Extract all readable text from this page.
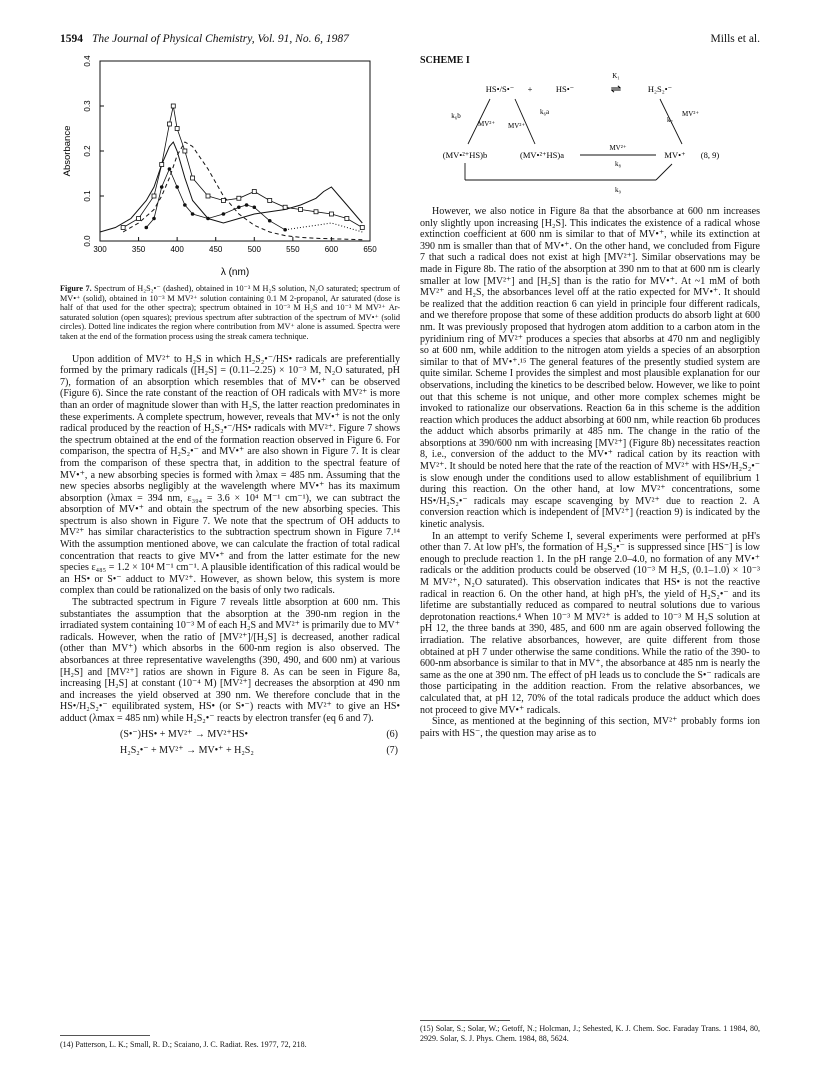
1594 The Journal of Physical Chemistry, Vol. 91, No. 6, 1987	Mills et al.
300	350	400	450	500	550	600	650
0.0
0.1
0.2
0.3
0.4
λ (nm)
Absorbance
Figure 7. Spectrum of H₂S₂•⁻ (dashed), obtained in 10⁻³ M H₂S solution, N₂O saturated; spectrum of MV•⁺ (solid), obtained in 10⁻³ M MV²⁺ solution containing 0.1 M 2-propanol, Ar saturated (dose is half of that used for the other spectra); spectrum obtained in 10⁻³ M H₂S and 10⁻³ M MV²⁺ Ar-saturated solution (open squares); previous spectrum after subtraction of the spectrum of MV•⁺ (solid circles). Dotted line indicates the region where contribution from MV⁺ alone is assumed. Spectra were taken at the end of the formation process using the streak camera technique.

Upon addition of MV²⁺ to H₂S in which H₂S₂•⁻/HS• radicals are preferentially formed by the primary radicals ([H₂S] = (0.11–2.25) × 10⁻³ M, N₂O saturated, pH 7), formation of an absorption which resembles that of MV•⁺ can be observed (Figure 6). Since the rate constant of the reaction of OH radicals with MV²⁺ is more than an order of magnitude slower than with H₂S, the latter reaction predominates in these experiments. A complete spectrum, however, reveals that MV•⁺ is not the only radical produced by the reaction of H₂S₂•⁻/HS• radicals with MV²⁺. Figure 7 shows the spectrum obtained at the end of the formation reaction observed in Figure 6. For comparison, the spectra of H₂S₂•⁻ and MV•⁺ are also shown in Figure 7. It is clear from the comparison of these spectra that, in addition to the spectral feature of MV•⁺, a new absorbing species is formed with λmax = 485 nm. Assuming that the new species absorbs negligibly at the wavelength where MV•⁺ has its maximum absorption (λmax = 394 nm, ε₃₉₄ = 3.6 × 10⁴ M⁻¹ cm⁻¹), we can subtract the absorption of MV•⁺ and obtain the spectrum of the new absorbing species. This spectrum is also shown in Figure 7. We note that the spectrum of OH adducts to MV²⁺ has similar characteristics to the subtraction spectrum shown in Figure 7.¹⁴ With the assumption mentioned above, we can calculate the fraction of total radical concentration that reacts to give MV•⁺ and from the latter estimate for the new species ε₄₈₅ = 1.2 × 10⁴ M⁻¹ cm⁻¹. A plausible identification of this radical would be an HS• or S•⁻ adduct to MV²⁺. However, as shown below, this system is more complex than could be rationalized on the basis of only two radicals.

The subtracted spectrum in Figure 7 reveals little absorption at 600 nm. This substantiates the assumption that the absorption at the 390-nm region in the irradiated system containing 10⁻³ M of each H₂S and MV²⁺ is primarily due to MV⁺ radicals. However, when the ratio of [MV²⁺]/[H₂S] is decreased, another radical (other than MV⁺) which absorbs in the 600-nm region is also observed. The absorbances at three representative wavelengths (390, 490, and 600 nm) at various [H₂S] and [MV²⁺] ratios are shown in Figure 8. As can be seen in Figure 8a, increasing [H₂S] at constant (10⁻⁴ M) [MV²⁺] decreases the absorption at 490 nm and increases the yield observed at 390 nm. We therefore conclude that in the HS•/H₂S₂•⁻ equilibrated system, HS• (or S•⁻) reacts with MV²⁺ to give an HS• adduct (λmax = 485 nm) while H₂S₂•⁻ reacts by electron transfer (eq 6 and 7).

(S•⁻)HS• + MV²⁺ → MV²⁺HS•	(6)
H₂S₂•⁻ + MV²⁺ → MV•⁺ + H₂S₂	(7)
(14) Patterson, L. K.; Small, R. D.; Scaiano, J. C. Radiat. Res. 1977, 72, 218.
SCHEME I
K₁
HS•/S•⁻ +	HS•⁻	⇌	H₂S₂•⁻
k₆b
MV²⁺
k₆a
MV²⁺
k₇
MV²⁺
(MV•²⁺HS)b	(MV•²⁺HS)a
MV²⁺
k₈
MV•⁺ (8, 9)
k₉

However, we also notice in Figure 8a that the absorbance at 600 nm increases only slightly upon increasing [H₂S]. This indicates the existence of a radical whose extinction coefficient at 600 nm is similar to that of MV•⁺, while its extinction at 390 nm is smaller than that of MV•⁺. On the other hand, we concluded from Figure 7 that such a radical does not exist at high [MV²⁺]. Similar observations may be made in Figure 8b. The ratio of the absorption at 390 nm to that at 600 nm is clearly smaller at low [MV²⁺] and [H₂S] than is the ratio for MV•⁺. At ~1 mM of both MV²⁺ and H₂S, the absorbances level off at the ratio expected for MV•⁺. It should be realized that the addition reaction 6 can yield in principle four different radicals, and we therefore propose that some of these addition products do absorb light at 600 nm. It was previously proposed that hydrogen atom addition to a carbon atom in the pyridinium ring of MV²⁺ produces a species that absorbs at 470 nm and negligibly so at 600 nm, while addition to the nitrogen atom yields a species of an absorption similar to that of MV•⁺.¹⁵ The general features of the presently studied system are quite similar. Scheme I provides the simplest and most plausible explanation for our observations, including the kinetics to be described below. However, we like to point out that this scheme is not unique, and other more complex schemes might be invoked to rationalize our observations. Reaction 6a in this scheme is the addition reaction which produces the adduct absorbing at 600 nm, while reaction 6b produces the adduct which absorbs primarily at 485 nm. The change in the ratio of the absorptions at 390/600 nm with increasing [MV²⁺] (Figure 8b) necessitates reaction 8, i.e., conversion of the adduct to the MV•⁺ radical cation by its reaction with MV²⁺. It should be noted here that the rate of the reaction of MV²⁺ with HS•/H₂S₂•⁻ is slow enough under the conditions used to allow establishment of equilibrium 1 during this reaction. On the other hand, at low MV²⁺ concentrations, some HS•/H₂S₂•⁻ radicals may escape scavenging by MV²⁺ due to reaction 2. A conversion reaction which is independent of [MV²⁺] (reaction 9) is indicated by the kinetic analysis.

In an attempt to verify Scheme I, several experiments were performed at pH's other than 7. At low pH's, the formation of H₂S₂•⁻ is suppressed since [HS⁻] is low enough to preclude reaction 1. In the pH range 2.0–4.0, no formation of any MV•⁺ radicals or the addition products could be observed (10⁻³ M H₂S, (0.1–1.0) × 10⁻³ M MV²⁺, N₂O saturated). This observation indicates that HS• is not the reactive radical in reaction 6. On the other hand, at high pH's, the yield of H₂S₂•⁻ and its lifetime are substantially reduced as compared to neutral solutions due to various deprotonation reactions.⁴ When 10⁻³ M MV²⁺ is added to 10⁻³ M H₂S solution at pH 12, the three bands at 390, 485, and 600 nm are again observed following the irradiation. The relative absorbances, however, are quite different from those obtained at pH 7 under otherwise the same conditions. While the ratio of the 390- to 600-nm absorbance is similar to that in MV⁺, the absorbance at 485 nm is nearly the same as the one at 390 nm. The effect of pH leads us to conclude the S•⁻ radicals are those participating in the addition reaction. From the relative absorbances, we calculated that, at pH 12, 70% of the total radicals produce the adduct which does not proceed to give MV•⁺ radicals.

Since, as mentioned at the beginning of this section, MV²⁺ probably forms ion pairs with HS⁻, the question may arise as to

(15) Solar, S.; Solar, W.; Getoff, N.; Holcman, J.; Sehested, K. J. Chem. Soc. Faraday Trans. 1 1984, 80, 2929. Solar, S. J. Phys. Chem. 1984, 88, 5624.
